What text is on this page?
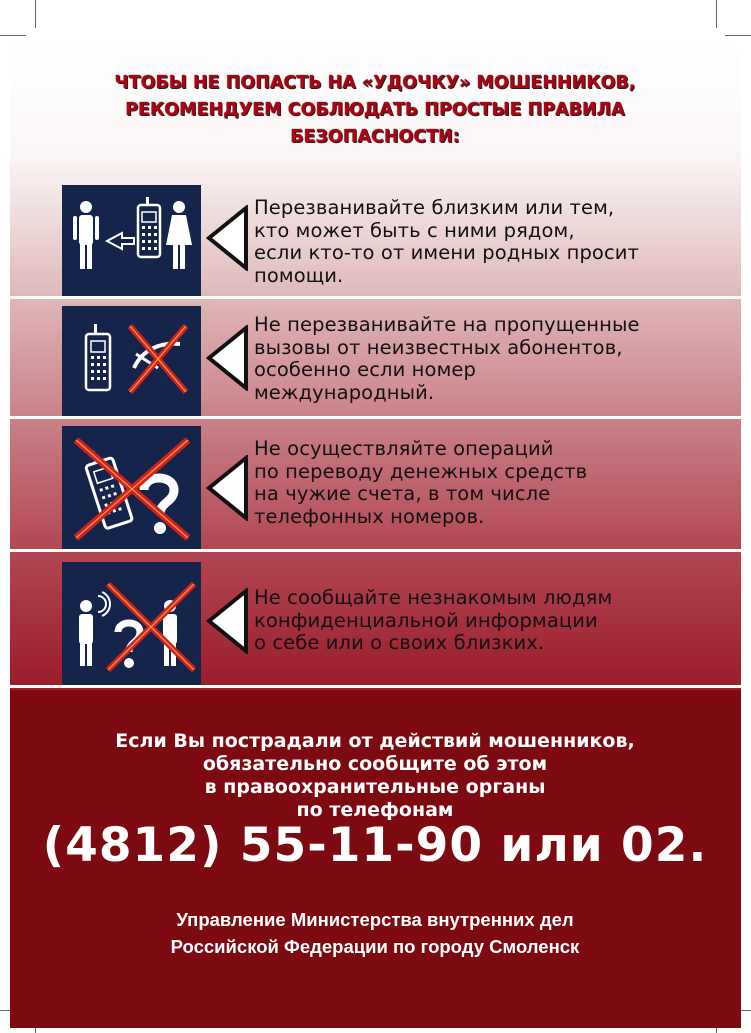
ЧТОБЫ НЕ ПОПАСТЬ НА «УДОЧКУ» МОШЕННИКОВ,
РЕКОМЕНДУЕМ СОБЛЮДАТЬ ПРОСТЫЕ ПРАВИЛА
БЕЗОПАСНОСТИ:
Перезванивайте близким или тем,
кто может быть с ними рядом,
если кто-то от имени родных просит
помощи.
Не перезванивайте на пропущенные
вызовы от неизвестных абонентов,
особенно если номер
международный.
Не осуществляйте операций
по переводу денежных средств
на чужие счета, в том числе
телефонных номеров.
Не сообщайте незнакомым людям
конфиденциальной информации
о себе или о своих близких.
Если Вы пострадали от действий мошенников,
обязательно сообщите об этом
в правоохранительные органы
по телефонам
(4812) 55-11-90 или 02.
Управление Министерства внутренних дел
Российской Федерации по городу Смоленск
